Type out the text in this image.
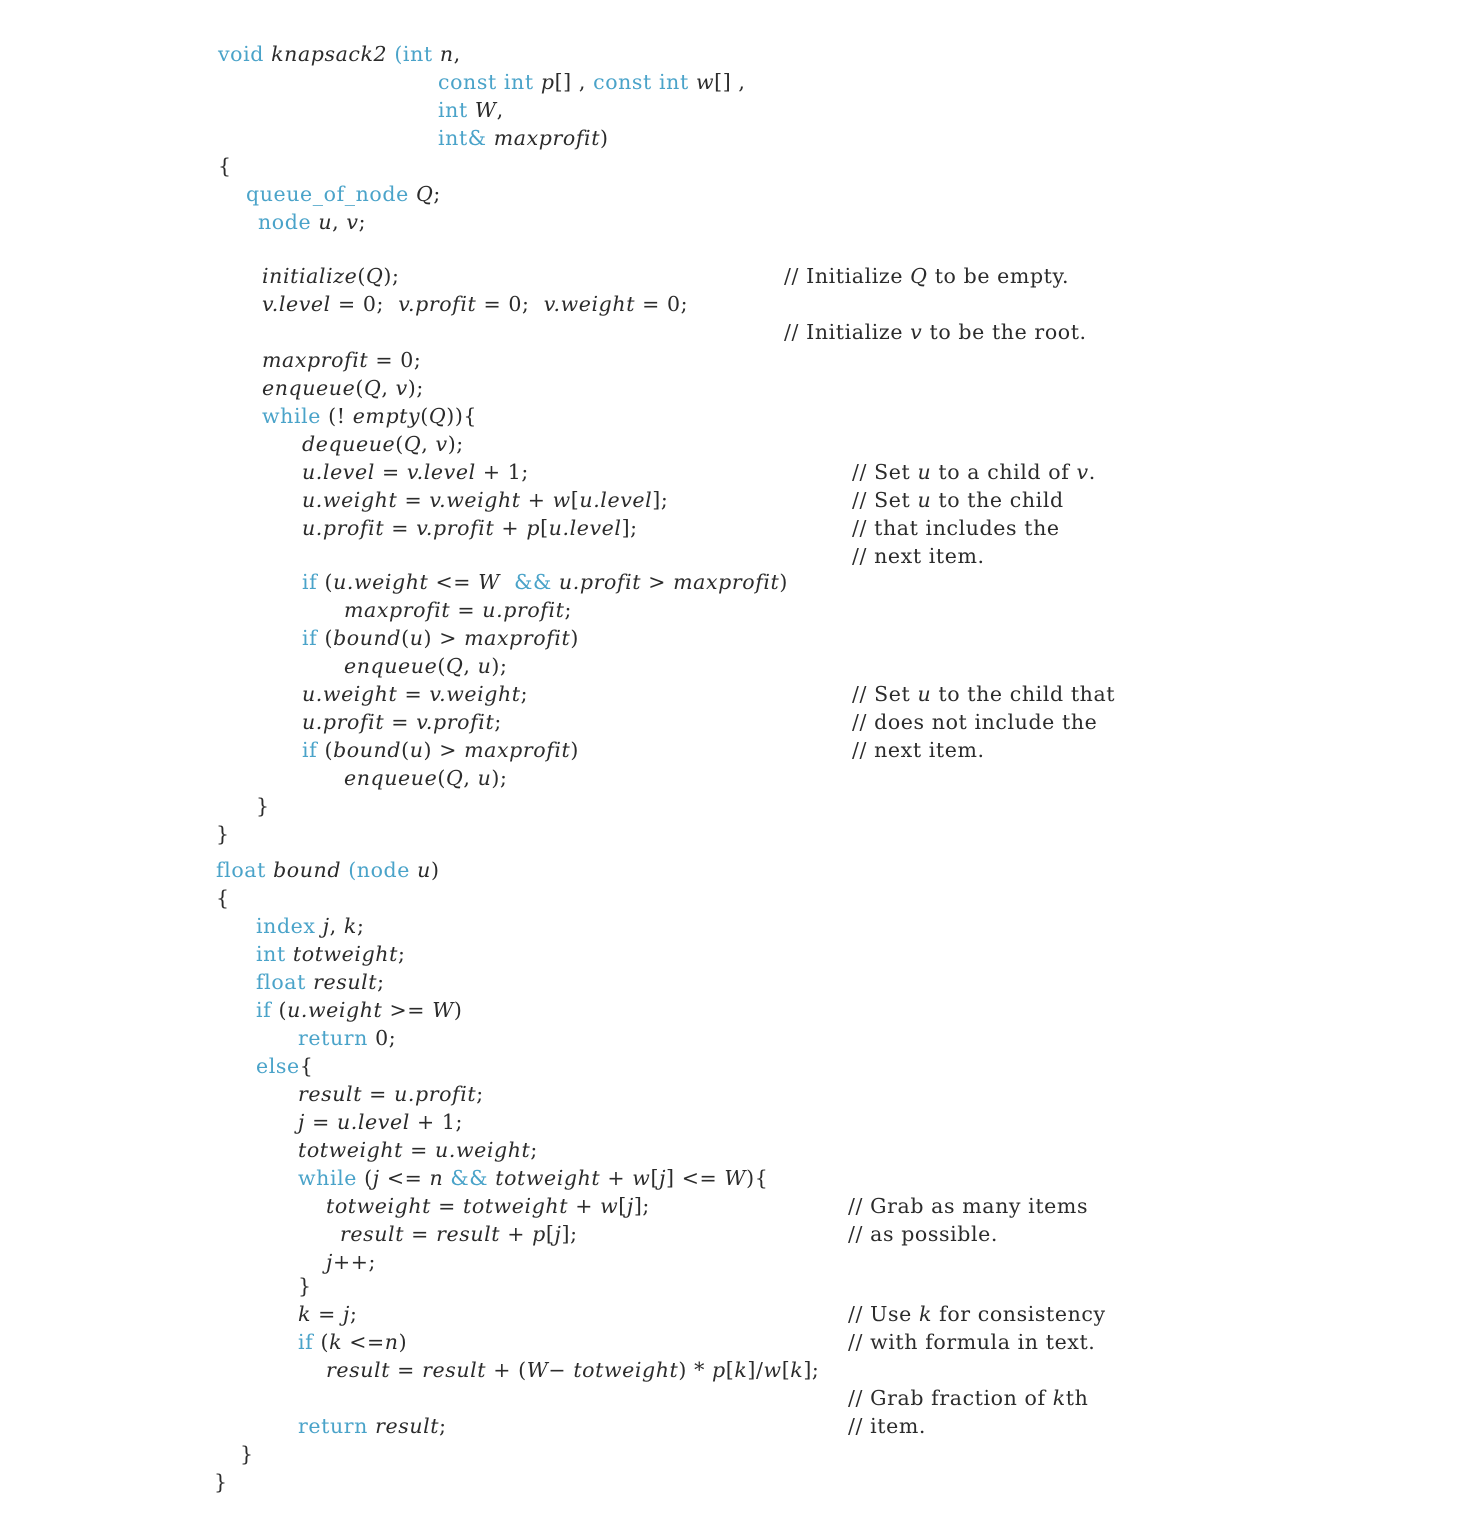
void knapsack2 (int n,
const int p[] , const int w[] ,
int W,
int& maxprofit)
{
queue_of_node Q;
node u, v;
initialize(Q);	// Initialize Q to be empty.
v.level = 0;  v.profit = 0;  v.weight = 0;
// Initialize v to be the root.
maxprofit = 0;
enqueue(Q, v);
while (! empty(Q)){
dequeue(Q, v);
u.level = v.level + 1;	// Set u to a child of v.
u.weight = v.weight + w[u.level];	// Set u to the child
u.profit = v.profit + p[u.level];	// that includes the
// next item.
if (u.weight <= W  && u.profit > maxprofit)
maxprofit = u.profit;
if (bound(u) > maxprofit)
enqueue(Q, u);
u.weight = v.weight;	// Set u to the child that
u.profit = v.profit;	// does not include the
if (bound(u) > maxprofit)	// next item.
enqueue(Q, u);
}
}
float bound (node u)
{
index j, k;
int totweight;
float result;
if (u.weight >= W)
return 0;
else{
result = u.profit;
j = u.level + 1;
totweight = u.weight;
while (j <= n && totweight + w[j] <= W){
totweight = totweight + w[j];	// Grab as many items
result = result + p[j];	// as possible.
j++;
}
k = j;	// Use k for consistency
if (k <=n)	// with formula in text.
result = result + (W− totweight) * p[k]/w[k];
// Grab fraction of kth
return result;	// item.
}
}
